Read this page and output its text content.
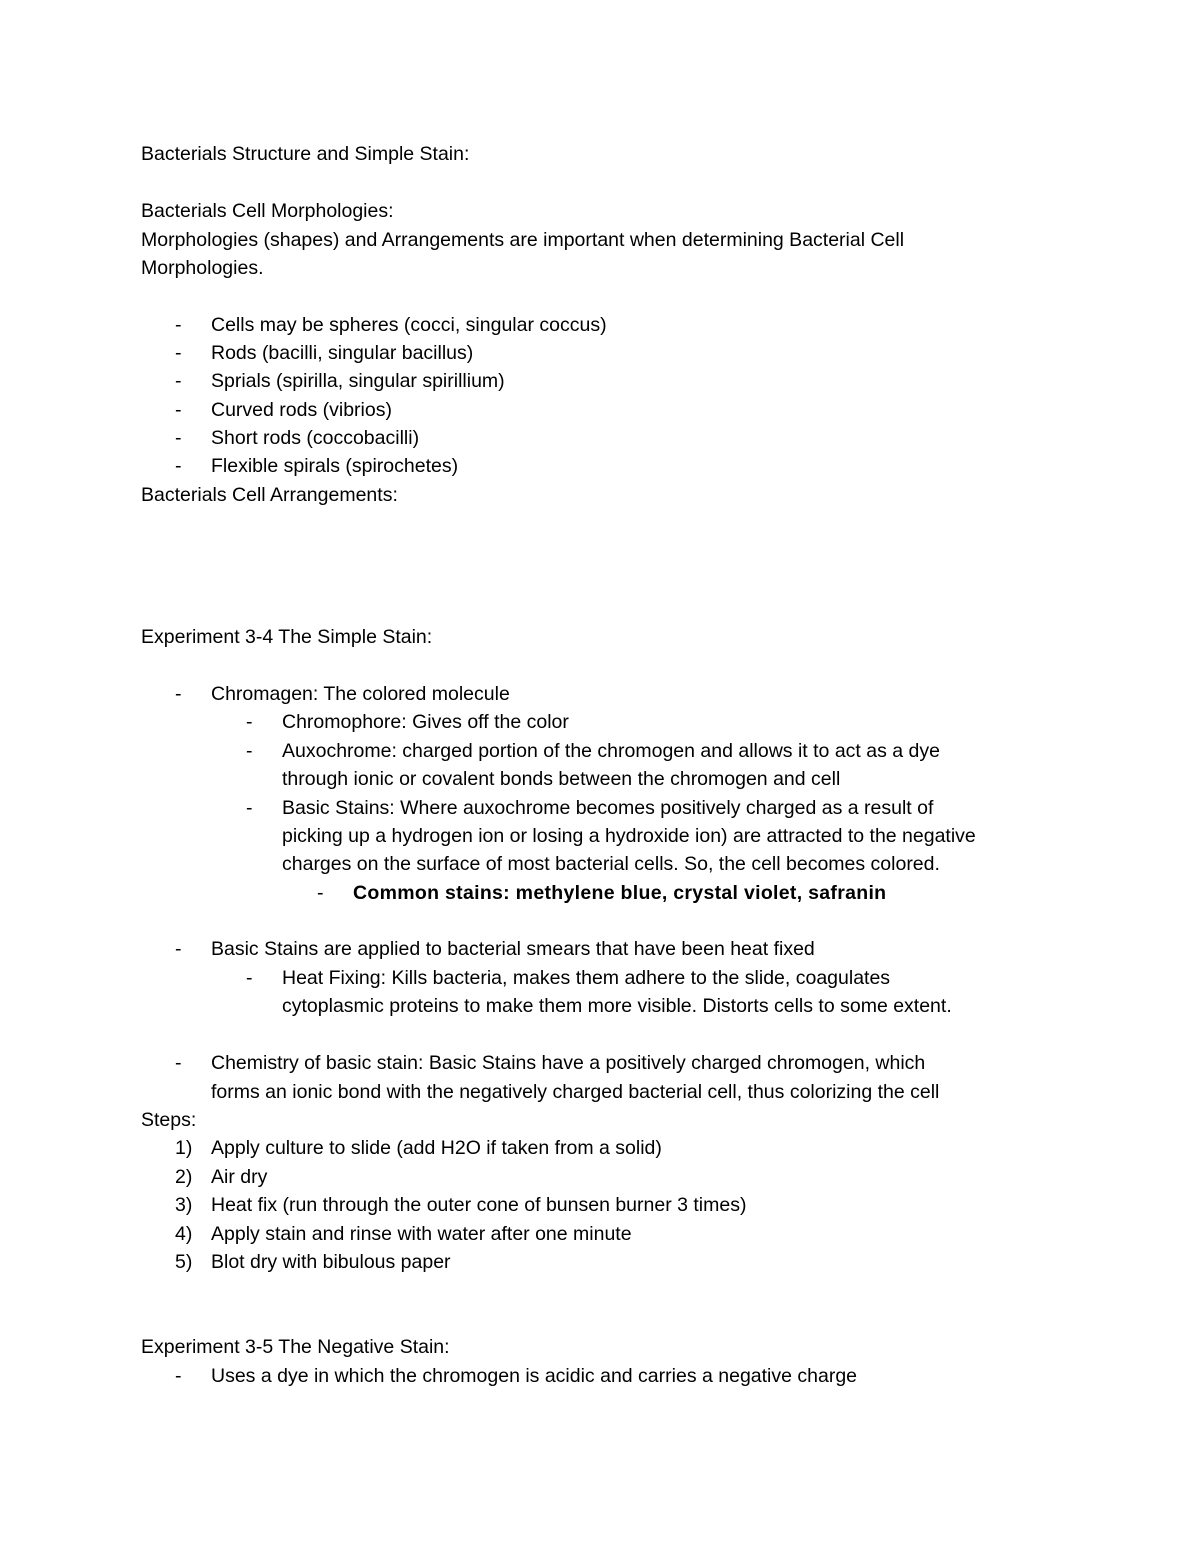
Bacterials Structure and Simple Stain:
Bacterials Cell Morphologies:
Morphologies (shapes) and Arrangements are important when determining Bacterial Cell
Morphologies.
- Cells may be spheres (cocci, singular coccus)
- Rods (bacilli, singular bacillus)
- Sprials (spirilla, singular spirillium)
- Curved rods (vibrios)
- Short rods (coccobacilli)
- Flexible spirals (spirochetes)
Bacterials Cell Arrangements:
Experiment 3-4 The Simple Stain:
- Chromagen: The colored molecule
- Chromophore: Gives off the color
- Auxochrome: charged portion of the chromogen and allows it to act as a dye
through ionic or covalent bonds between the chromogen and cell
- Basic Stains: Where auxochrome becomes positively charged as a result of
picking up a hydrogen ion or losing a hydroxide ion) are attracted to the negative
charges on the surface of most bacterial cells. So, the cell becomes colored.
- Common stains: methylene blue, crystal violet, safranin
- Basic Stains are applied to bacterial smears that have been heat fixed
- Heat Fixing: Kills bacteria, makes them adhere to the slide, coagulates
cytoplasmic proteins to make them more visible. Distorts cells to some extent.
- Chemistry of basic stain: Basic Stains have a positively charged chromogen, which
forms an ionic bond with the negatively charged bacterial cell, thus colorizing the cell
Steps:
1) Apply culture to slide (add H2O if taken from a solid)
2) Air dry
3) Heat fix (run through the outer cone of bunsen burner 3 times)
4) Apply stain and rinse with water after one minute
5) Blot dry with bibulous paper
Experiment 3-5 The Negative Stain:
- Uses a dye in which the chromogen is acidic and carries a negative charge
